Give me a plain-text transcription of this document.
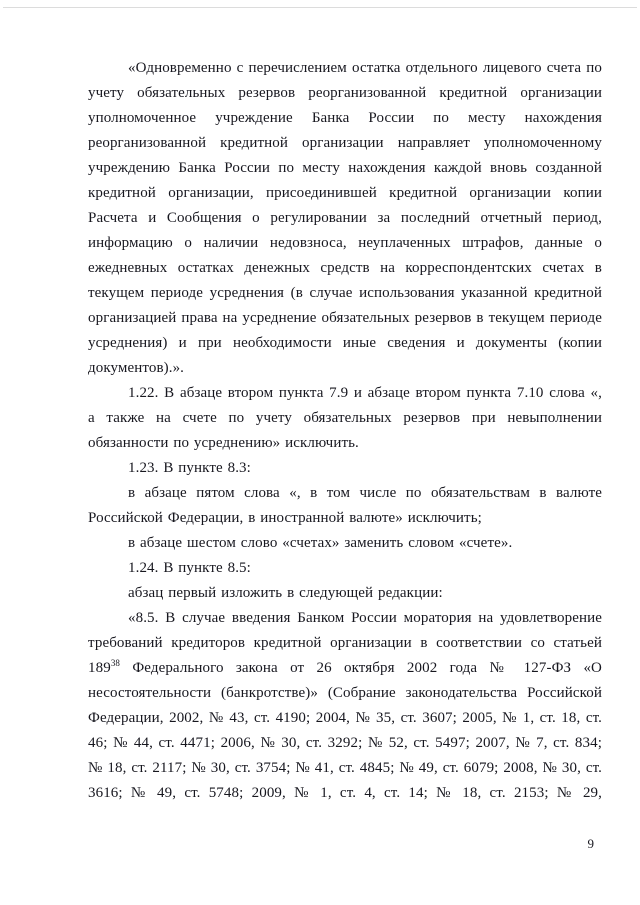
«Одновременно с перечислением остатка отдельного лицевого счета по учету обязательных резервов реорганизованной кредитной организации уполномоченное учреждение Банка России по месту нахождения реорганизованной кредитной организации направляет уполномоченному учреждению Банка России по месту нахождения каждой вновь созданной кредитной организации, присоединившей кредитной организации копии Расчета и Сообщения о регулировании за последний отчетный период, информацию о наличии недовзноса, неуплаченных штрафов, данные о ежедневных остатках денежных средств на корреспондентских счетах в текущем периоде усреднения (в случае использования указанной кредитной организацией права на усреднение обязательных резервов в текущем периоде усреднения) и при необходимости иные сведения и документы (копии документов).».

1.22. В абзаце втором пункта 7.9 и абзаце втором пункта 7.10 слова «, а также на счете по учету обязательных резервов при невыполнении обязанности по усреднению» исключить.

1.23. В пункте 8.3:

в абзаце пятом слова «, в том числе по обязательствам в валюте Российской Федерации, в иностранной валюте» исключить;

в абзаце шестом слово «счетах» заменить словом «счете».

1.24. В пункте 8.5:

абзац первый изложить в следующей редакции:

«8.5. В случае введения Банком России моратория на удовлетворение требований кредиторов кредитной организации в соответствии со статьей $189^{38}$ Федерального закона от 26 октября 2002 года № 127-ФЗ «О несостоятельности (банкротстве)» (Собрание законодательства Российской Федерации, 2002, № 43, ст. 4190; 2004, № 35, ст. 3607; 2005, № 1, ст. 18, ст. 46; № 44, ст. 4471; 2006, № 30, ст. 3292; № 52, ст. 5497; 2007, № 7, ст. 834; № 18, ст. 2117; № 30, ст. 3754; № 41, ст. 4845; № 49, ст. 6079; 2008, № 30, ст. 3616; № 49, ст. 5748; 2009, № 1, ст. 4, ст. 14; № 18, ст. 2153; № 29,

9
